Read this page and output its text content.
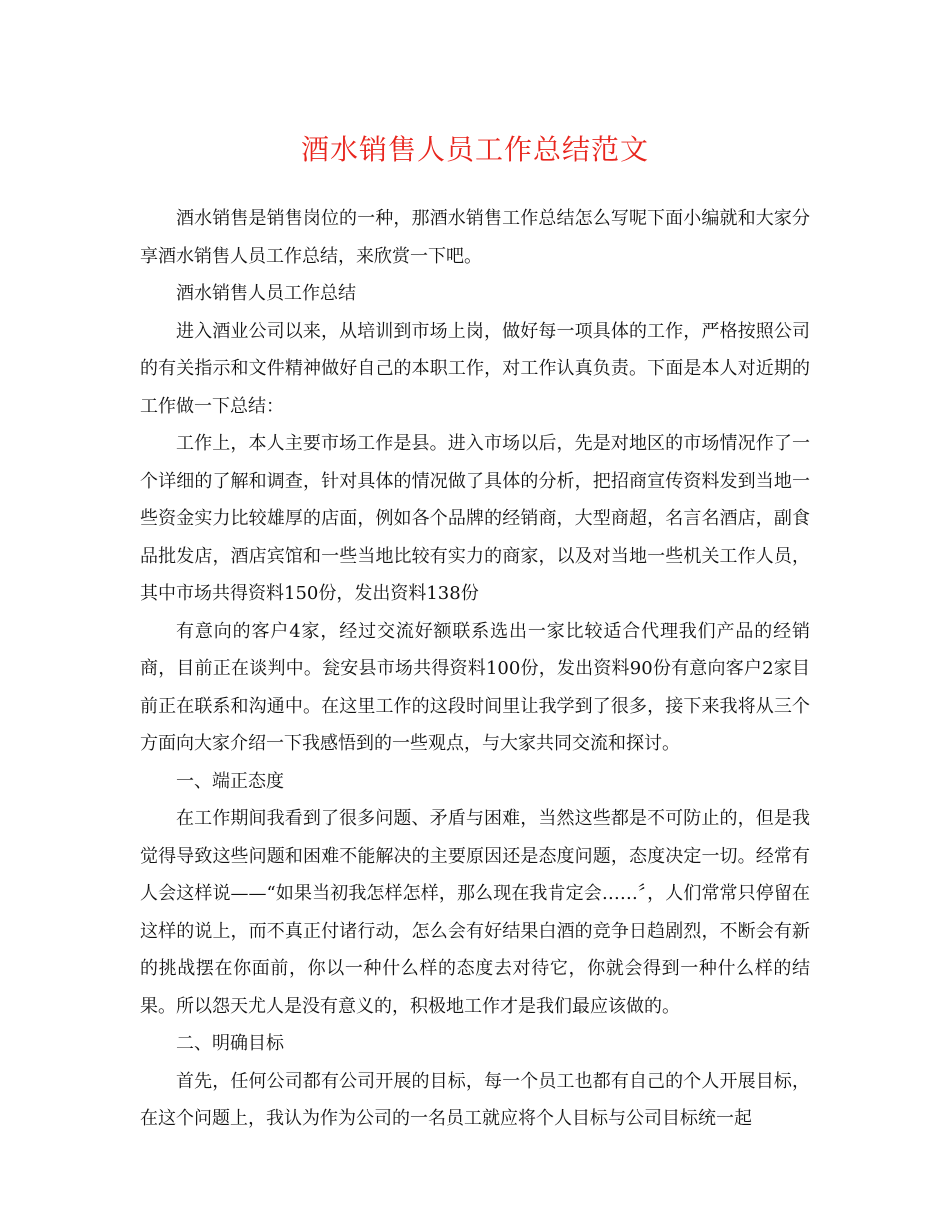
酒水销售人员工作总结范文

酒水销售是销售岗位的一种，那酒水销售工作总结怎么写呢下面小编就和大家分享酒水销售人员工作总结，来欣赏一下吧。

酒水销售人员工作总结

进入酒业公司以来，从培训到市场上岗，做好每一项具体的工作，严格按照公司的有关指示和文件精神做好自己的本职工作，对工作认真负责。下面是本人对近期的工作做一下总结：

工作上，本人主要市场工作是县。进入市场以后，先是对地区的市场情况作了一个详细的了解和调查，针对具体的情况做了具体的分析，把招商宣传资料发到当地一些资金实力比较雄厚的店面，例如各个品牌的经销商，大型商超，名言名酒店，副食品批发店，酒店宾馆和一些当地比较有实力的商家，以及对当地一些机关工作人员，其中市场共得资料150份，发出资料138份

有意向的客户4家，经过交流好额联系选出一家比较适合代理我们产品的经销商，目前正在谈判中。瓮安县市场共得资料100份，发出资料90份有意向客户2家目前正在联系和沟通中。在这里工作的这段时间里让我学到了很多，接下来我将从三个方面向大家介绍一下我感悟到的一些观点，与大家共同交流和探讨。

一、端正态度

在工作期间我看到了很多问题、矛盾与困难，当然这些都是不可防止的，但是我觉得导致这些问题和困难不能解决的主要原因还是态度问题，态度决定一切。经常有人会这样说——“如果当初我怎样怎样，那么现在我肯定会……〞，人们常常只停留在这样的说上，而不真正付诸行动，怎么会有好结果白酒的竞争日趋剧烈，不断会有新的挑战摆在你面前，你以一种什么样的态度去对待它，你就会得到一种什么样的结果。所以怨天尤人是没有意义的，积极地工作才是我们最应该做的。

二、明确目标

首先，任何公司都有公司开展的目标，每一个员工也都有自己的个人开展目标，在这个问题上，我认为作为公司的一名员工就应将个人目标与公司目标统一起
